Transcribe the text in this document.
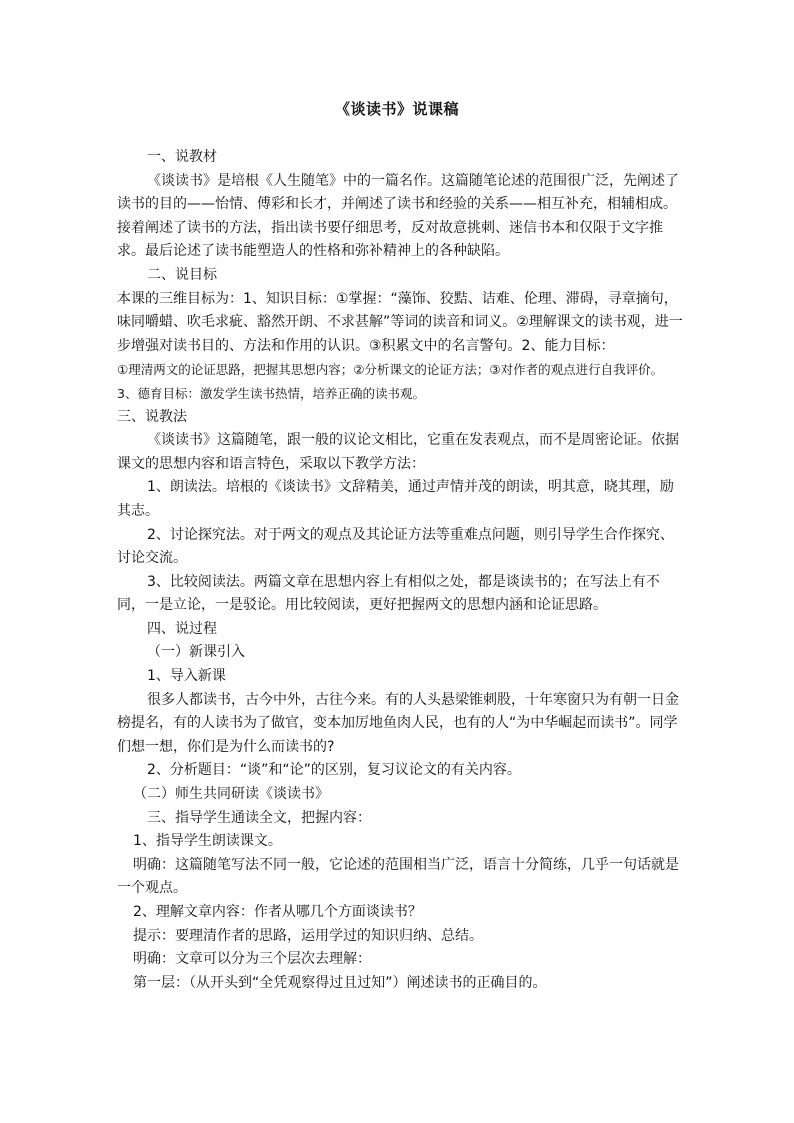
《谈读书》说课稿

一、说教材

《谈读书》是培根《人生随笔》中的一篇名作。这篇随笔论述的范围很广泛，先阐述了读书的目的——怡情、傅彩和长才，并阐述了读书和经验的关系——相互补充，相辅相成。接着阐述了读书的方法，指出读书要仔细思考，反对故意挑刺、迷信书本和仅限于文字推求。最后论述了读书能塑造人的性格和弥补精神上的各种缺陷。

二、说目标

本课的三维目标为：1、知识目标：①掌握：“藻饰、狡黠、诘难、伦理、滞碍，寻章摘句，味同嚼蜡、吹毛求疵、豁然开朗、不求甚解”等词的读音和词义。②理解课文的读书观，进一步增强对读书目的、方法和作用的认识。③积累文中的名言警句。2、能力目标：

①理清两文的论证思路，把握其思想内容；②分析课文的论证方法；③对作者的观点进行自我评价。3、德育目标：激发学生读书热情，培养正确的读书观。

三、说教法

《谈读书》这篇随笔，跟一般的议论文相比，它重在发表观点，而不是周密论证。依据课文的思想内容和语言特色，采取以下教学方法：

1、朗读法。培根的《谈读书》文辞精美，通过声情并茂的朗读，明其意，晓其理，励其志。

2、讨论探究法。对于两文的观点及其论证方法等重难点问题，则引导学生合作探究、讨论交流。

3、比较阅读法。两篇文章在思想内容上有相似之处，都是谈读书的；在写法上有不同，一是立论，一是驳论。用比较阅读，更好把握两文的思想内涵和论证思路。

四、说过程

（一）新课引入

1、导入新课

很多人都读书，古今中外，古往今来。有的人头悬梁锥刺股，十年寒窗只为有朝一日金榜提名，有的人读书为了做官，变本加厉地鱼肉人民，也有的人“为中华崛起而读书”。同学们想一想，你们是为什么而读书的?

2、分析题目：“谈”和“论”的区别，复习议论文的有关内容。

（二）师生共同研读《谈读书》

三、指导学生通读全文，把握内容：

1、指导学生朗读课文。

明确：这篇随笔写法不同一般，它论述的范围相当广泛，语言十分简练，几乎一句话就是一个观点。

2、理解文章内容：作者从哪几个方面谈读书？

提示：要理清作者的思路，运用学过的知识归纳、总结。

明确：文章可以分为三个层次去理解：

第一层：（从开头到“全凭观察得过且过知”）阐述读书的正确目的。
